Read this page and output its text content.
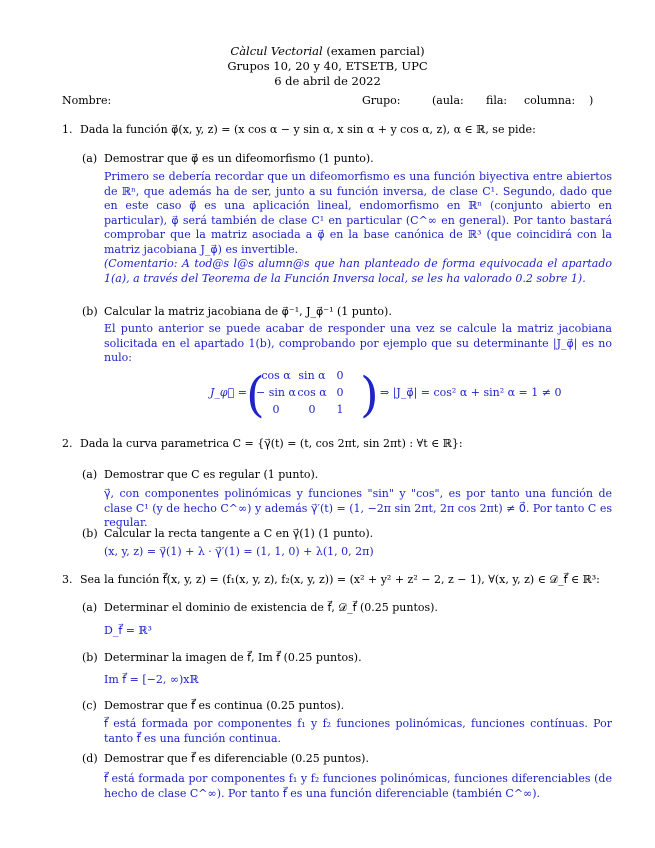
Càlcul Vectorial (examen parcial)
Grupos 10, 20 y 40, ETSETB, UPC
6 de abril de 2022
Nombre:	Grupo:	(aula: fila: columna: )
1. Dada la función φ⃗(x, y, z) = (x cos α − y sin α, x sin α + y cos α, z), α ∈ ℝ, se pide:
(a) Demostrar que φ⃗ es un difeomorfismo (1 punto).

Primero se debería recordar que un difeomorfismo es una función biyectiva entre abiertos de ℝⁿ, que además ha de ser, junto a su función inversa, de clase C¹. Segundo, dado que en este caso φ⃗ es una aplicación lineal, endomorfismo en ℝⁿ (conjunto abierto en particular), φ⃗ será también de clase C¹ en particular (C^∞ en general). Por tanto bastará comprobar que la matriz asociada a φ⃗ en la base canónica de ℝ³ (que coincidirá con la matriz jacobiana J_φ⃗) es invertible.

(Comentario: A tod@s l@s alumn@s que han planteado de forma equivocada el apartado 1(a), a través del Teorema de la Función Inversa local, se les ha valorado 0.2 sobre 1).

(b) Calcular la matriz jacobiana de φ⃗⁻¹, J_φ⃗⁻¹ (1 punto).

El punto anterior se puede acabar de responder una vez se calcule la matriz jacobiana solicitada en el apartado 1(b), comprobando por ejemplo que su determinante |J_φ⃗| es no nulo:

J_φ⃗ = (
cos α sin α 0
− sin α cos α 0
0	0	1 ) ⇒ |J_φ⃗| = cos² α + sin² α = 1 ≠ 0
2. Dada la curva parametrica C = {γ⃗(t) = (t, cos 2πt, sin 2πt) : ∀t ∈ ℝ}:
(a) Demostrar que C es regular (1 punto).

γ⃗, con componentes polinómicas y funciones "sin" y "cos", es por tanto una función de clase C¹ (y de hecho C^∞) y además γ⃗′(t) = (1, −2π sin 2πt, 2π cos 2πt) ≠ 0⃗. Por tanto C es regular.

(b) Calcular la recta tangente a C en γ⃗(1) (1 punto).

(x, y, z) = γ⃗(1) + λ · γ⃗′(1) = (1, 1, 0) + λ(1, 0, 2π)

3. Sea la función f⃗(x, y, z) = (f₁(x, y, z), f₂(x, y, z)) = (x² + y² + z² − 2, z − 1), ∀(x, y, z) ∈ 𝒟_f⃗ ∈ ℝ³:
(a) Determinar el dominio de existencia de f⃗, 𝒟_f⃗ (0.25 puntos).

D_f⃗ = ℝ³

(b) Determinar la imagen de f⃗, Im f⃗ (0.25 puntos).

Im f⃗ = [−2, ∞)xℝ

(c) Demostrar que f⃗ es continua (0.25 puntos).

f⃗ está formada por componentes f₁ y f₂ funciones polinómicas, funciones contínuas. Por tanto f⃗ es una función continua.

(d) Demostrar que f⃗ es diferenciable (0.25 puntos).

f⃗ está formada por componentes f₁ y f₂ funciones polinómicas, funciones diferenciables (de hecho de clase C^∞). Por tanto f⃗ es una función diferenciable (también C^∞).
